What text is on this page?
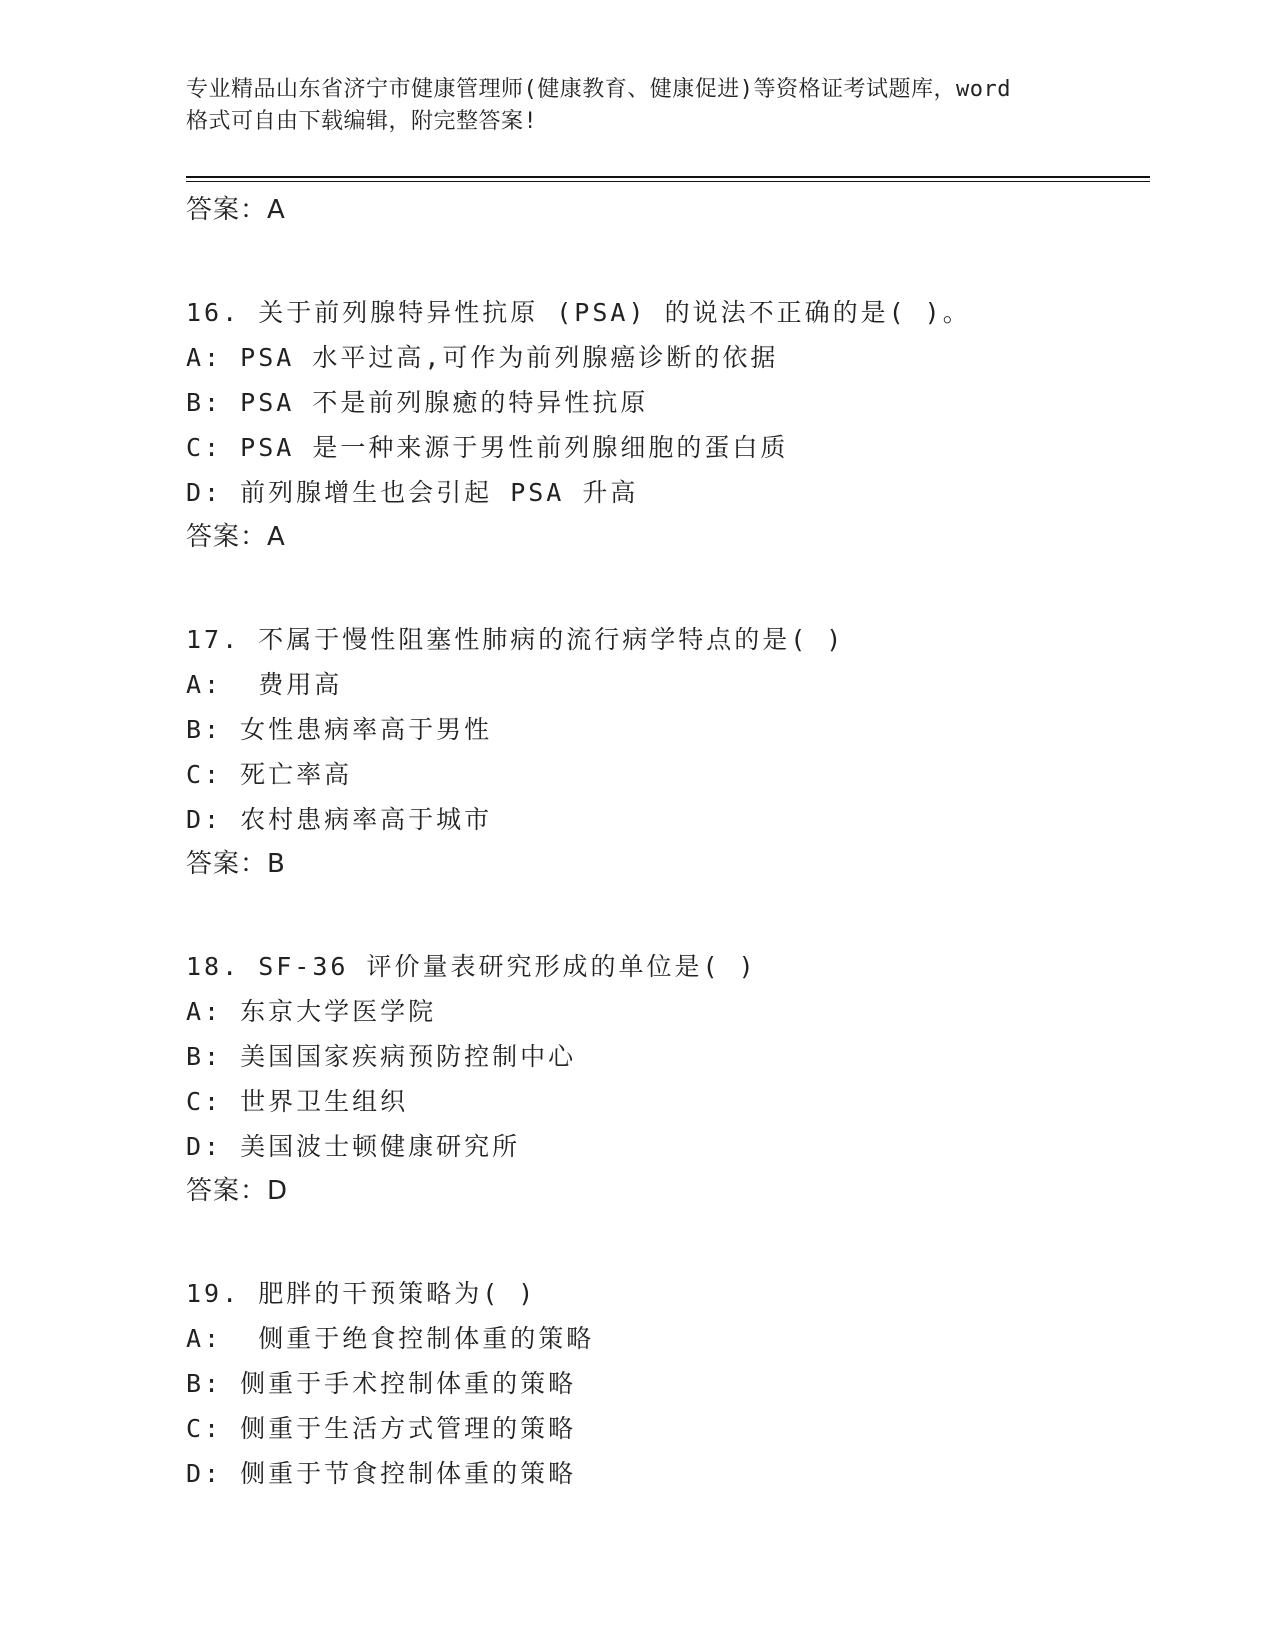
专业精品山东省济宁市健康管理师(健康教育、健康促进)等资格证考试题库，word
格式可自由下载编辑，附完整答案!
答案：A
16. 关于前列腺特异性抗原 (PSA) 的说法不正确的是( )。
A: PSA 水平过高,可作为前列腺癌诊断的依据
B: PSA 不是前列腺癒的特异性抗原
C: PSA 是一种来源于男性前列腺细胞的蛋白质
D: 前列腺增生也会引起 PSA 升高
答案：A
17. 不属于慢性阻塞性肺病的流行病学特点的是( )
A:  费用高
B: 女性患病率高于男性
C: 死亡率高
D: 农村患病率高于城市
答案：B
18. SF-36 评价量表研究形成的单位是( )
A: 东京大学医学院
B: 美国国家疾病预防控制中心
C: 世界卫生组织
D: 美国波士顿健康研究所
答案：D
19. 肥胖的干预策略为( )
A:  侧重于绝食控制体重的策略
B: 侧重于手术控制体重的策略
C: 侧重于生活方式管理的策略
D: 侧重于节食控制体重的策略
